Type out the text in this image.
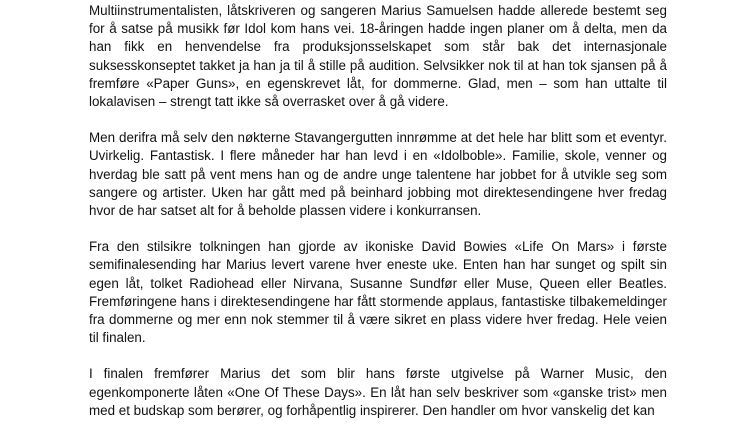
Multiinstrumentalisten, låtskriveren og sangeren Marius Samuelsen hadde allerede bestemt seg for å satse på musikk før Idol kom hans vei. 18-åringen hadde ingen planer om å delta, men da han fikk en henvendelse fra produksjonsselskapet som står bak det internasjonale suksesskonseptet takket ja han ja til å stille på audition. Selvsikker nok til at han tok sjansen på å fremføre «Paper Guns», en egenskrevet låt, for dommerne. Glad, men – som han uttalte til lokalavisen – strengt tatt ikke så overrasket over å gå videre.

Men derifra må selv den nøkterne Stavangergutten innrømme at det hele har blitt som et eventyr. Uvirkelig. Fantastisk. I flere måneder har han levd i en «Idolboble». Familie, skole, venner og hverdag ble satt på vent mens han og de andre unge talentene har jobbet for å utvikle seg som sangere og artister. Uken har gått med på beinhard jobbing mot direktesendingene hver fredag hvor de har satset alt for å beholde plassen videre i konkurransen.

Fra den stilsikre tolkningen han gjorde av ikoniske David Bowies «Life On Mars» i første semifinalesending har Marius levert varene hver eneste uke. Enten han har sunget og spilt sin egen låt, tolket Radiohead eller Nirvana, Susanne Sundfør eller Muse, Queen eller Beatles. Fremføringene hans i direktesendingene har fått stormende applaus, fantastiske tilbakemeldinger fra dommerne og mer enn nok stemmer til å være sikret en plass videre hver fredag. Hele veien til finalen.

I finalen fremfører Marius det som blir hans første utgivelse på Warner Music, den egenkomponerte låten «One Of These Days». En låt han selv beskriver som «ganske trist» men med et budskap som berører, og forhåpentlig inspirerer. Den handler om hvor vanskelig det kan
